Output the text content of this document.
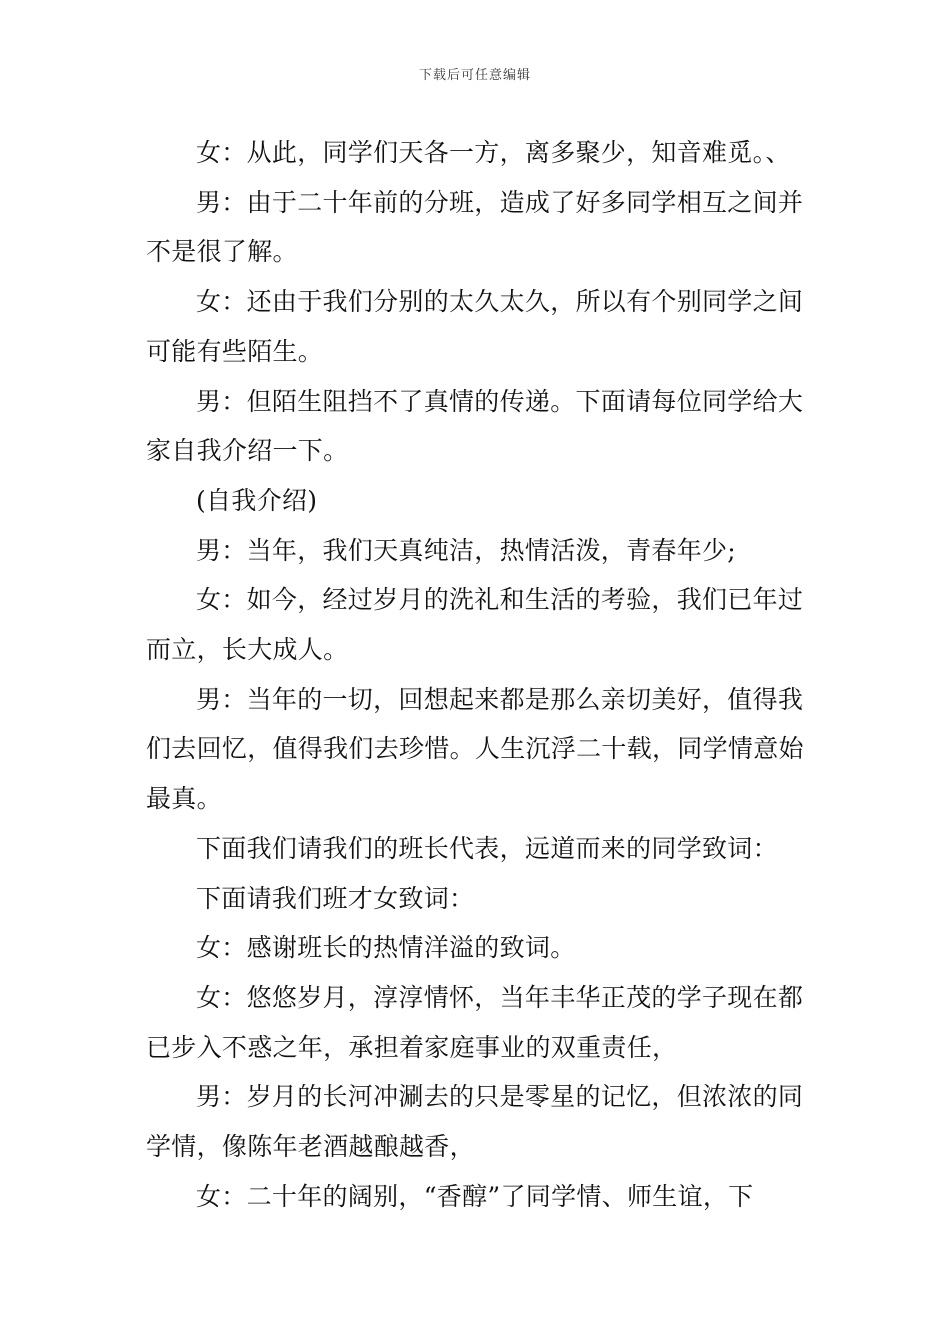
下载后可任意编辑

女：从此，同学们天各一方，离多聚少，知音难觅。、

男：由于二十年前的分班，造成了好多同学相互之间并不是很了解。

女：还由于我们分别的太久太久，所以有个别同学之间可能有些陌生。

男：但陌生阻挡不了真情的传递。下面请每位同学给大家自我介绍一下。

(自我介绍)

男：当年，我们天真纯洁，热情活泼，青春年少;

女：如今，经过岁月的洗礼和生活的考验，我们已年过而立，长大成人。

男：当年的一切，回想起来都是那么亲切美好，值得我们去回忆，值得我们去珍惜。人生沉浮二十载，同学情意始最真。

下面我们请我们的班长代表，远道而来的同学致词：

下面请我们班才女致词：

女：感谢班长的热情洋溢的致词。

女：悠悠岁月，淳淳情怀，当年丰华正茂的学子现在都已步入不惑之年，承担着家庭事业的双重责任，

男：岁月的长河冲涮去的只是零星的记忆，但浓浓的同学情，像陈年老酒越酿越香，

女：二十年的阔别，“香醇”了同学情、师生谊，下
